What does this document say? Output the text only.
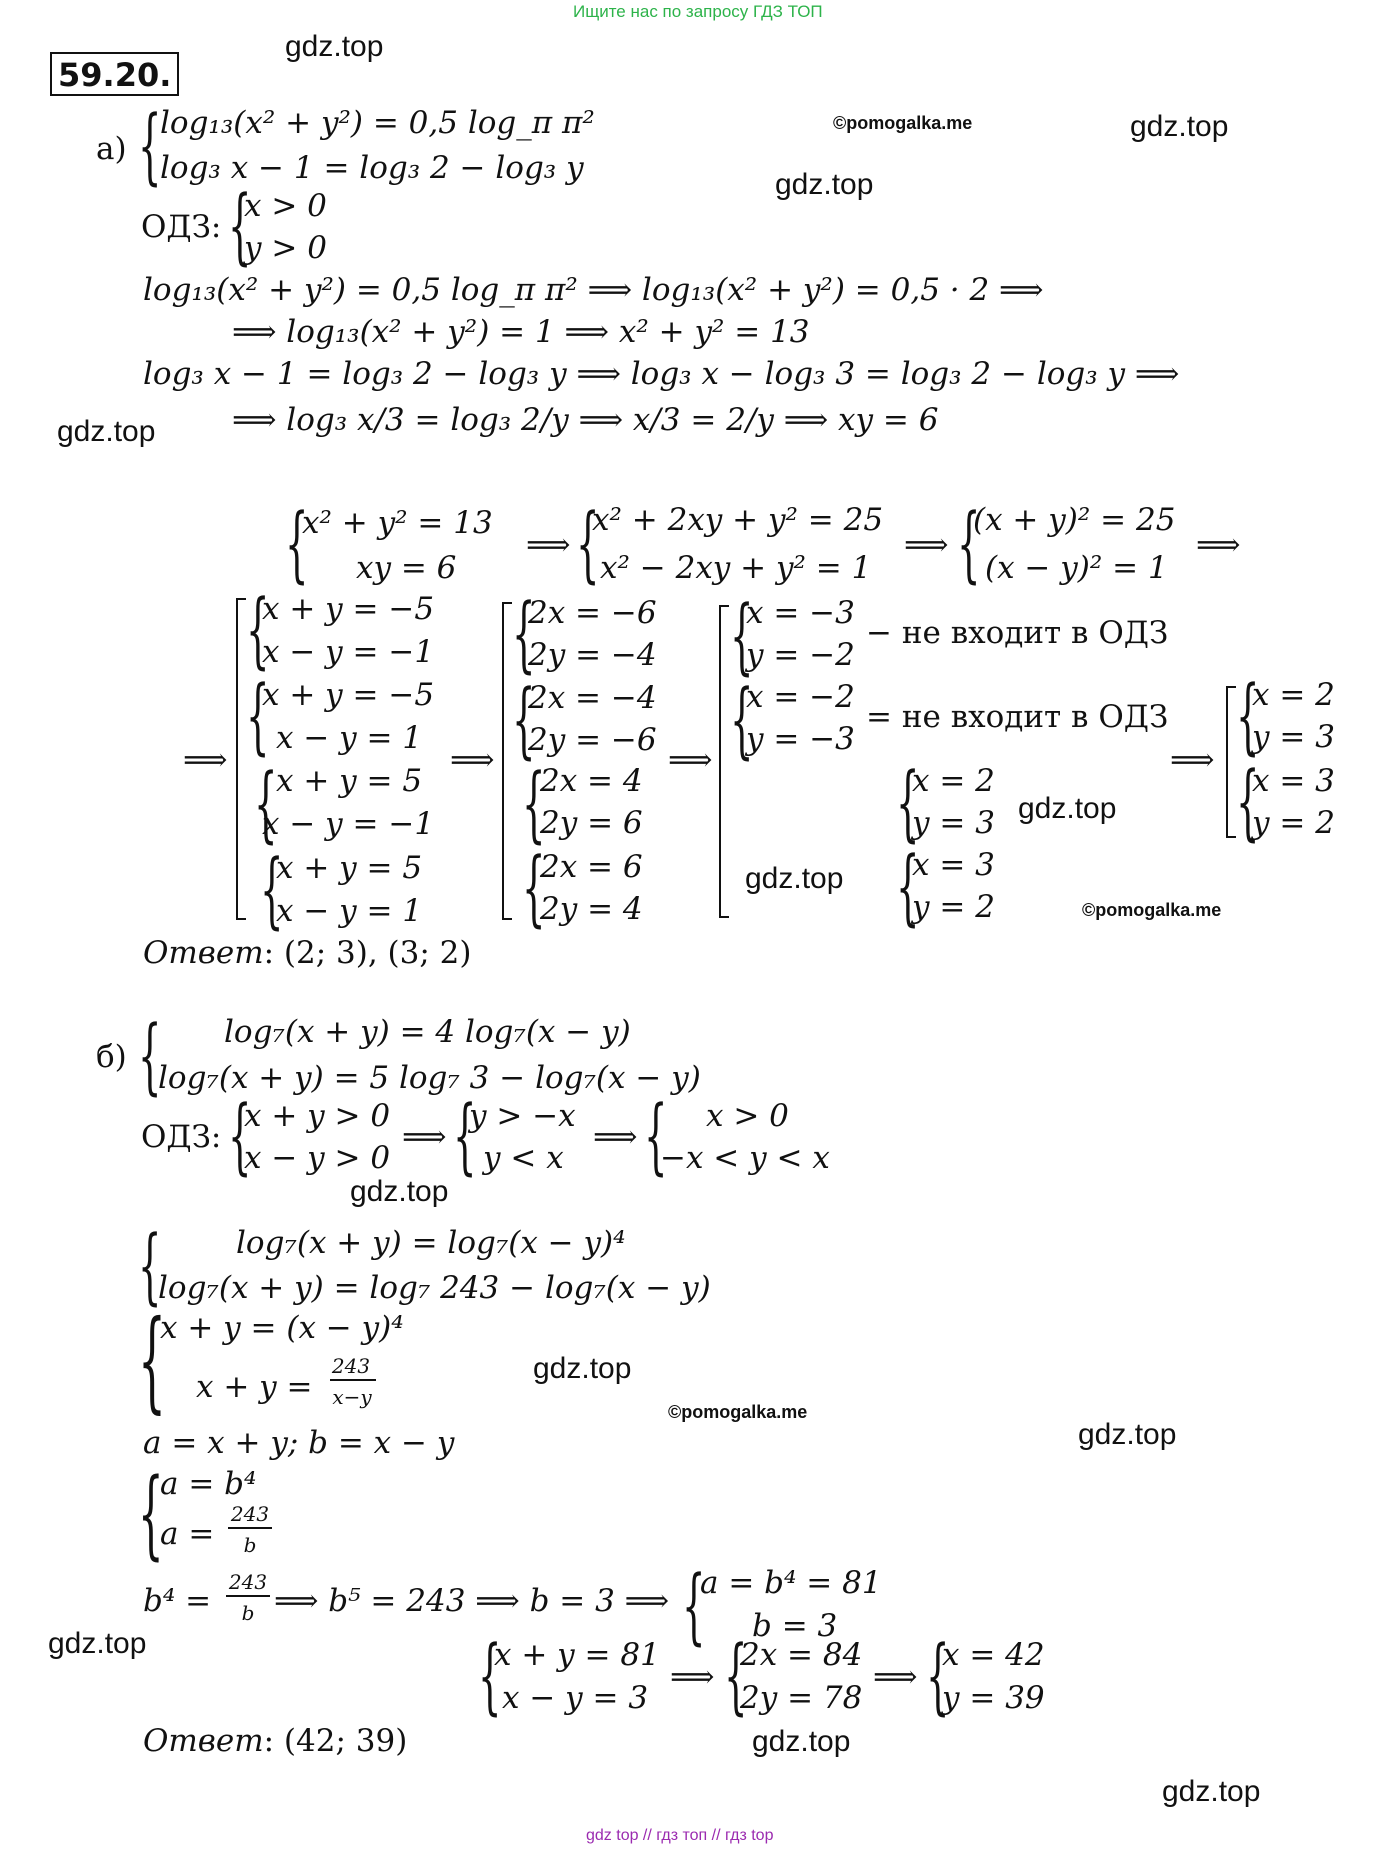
Ищите нас по запросу ГДЗ ТОП
gdz top // гдз топ // гдз top
59.20.
gdz.top
gdz.top
gdz.top
gdz.top
gdz.top
gdz.top
gdz.top
gdz.top
gdz.top
gdz.top
gdz.top
gdz.top
©pomogalka.me
©pomogalka.me
©pomogalka.me
а) {
log₁₃(x² + y²) = 0,5 log_π π²
log₃ x − 1 = log₃ 2 − log₃ y
ОДЗ: {
x > 0
y > 0
log₁₃(x² + y²) = 0,5 log_π π² ⟹ log₁₃(x² + y²) = 0,5 · 2 ⟹
⟹ log₁₃(x² + y²) = 1 ⟹ x² + y² = 13
log₃ x − 1 = log₃ 2 − log₃ y ⟹ log₃ x − log₃ 3 = log₃ 2 − log₃ y ⟹
⟹ log₃ x/3 = log₃ 2/y ⟹ x/3 = 2/y ⟹ xy = 6
{
x² + y² = 13
xy = 6
⟹ {
x² + 2xy + y² = 25
x² − 2xy + y² = 1
⟹ {
(x + y)² = 25
(x − y)² = 1
⟹
⟹
{
x + y = −5
x − y = −1
{
x + y = −5
x − y = 1
{
x + y = 5
x − y = −1
{
x + y = 5
x − y = 1
⟹
{
2x = −6
2y = −4
{
2x = −4
2y = −6
{
2x = 4
2y = 6
{
2x = 6
2y = 4
⟹
{
x = −3
y = −2
− не входит в ОДЗ
{
x = −2
y = −3
= не входит в ОДЗ
{
x = 2
y = 3
{
x = 3
y = 2
⟹ {
x = 2
y = 3
{
x = 3
y = 2
Ответ: (2; 3), (3; 2)
б) { log₇(x + y) = 4 log₇(x − y)
log₇(x + y) = 5 log₇ 3 − log₇(x − y)
ОДЗ: {
x + y > 0
x − y > 0
⟹ {
y > −x
y < x
⟹ { x > 0
−x < y < x
{ log₇(x + y) = log₇(x − y)⁴
log₇(x + y) = log₇ 243 − log₇(x − y)
{
x + y = (x − y)⁴
x + y =
243
x−y
a = x + y; b = x − y
{
a = b⁴
a =
243
b
b⁴ =
243
b ⟹ b⁵ = 243 ⟹ b = 3 ⟹ {
a = b⁴ = 81
b = 3
{
x + y = 81
x − y = 3
⟹ {
2x = 84
2y = 78
⟹ {
x = 42
y = 39
Ответ: (42; 39)
